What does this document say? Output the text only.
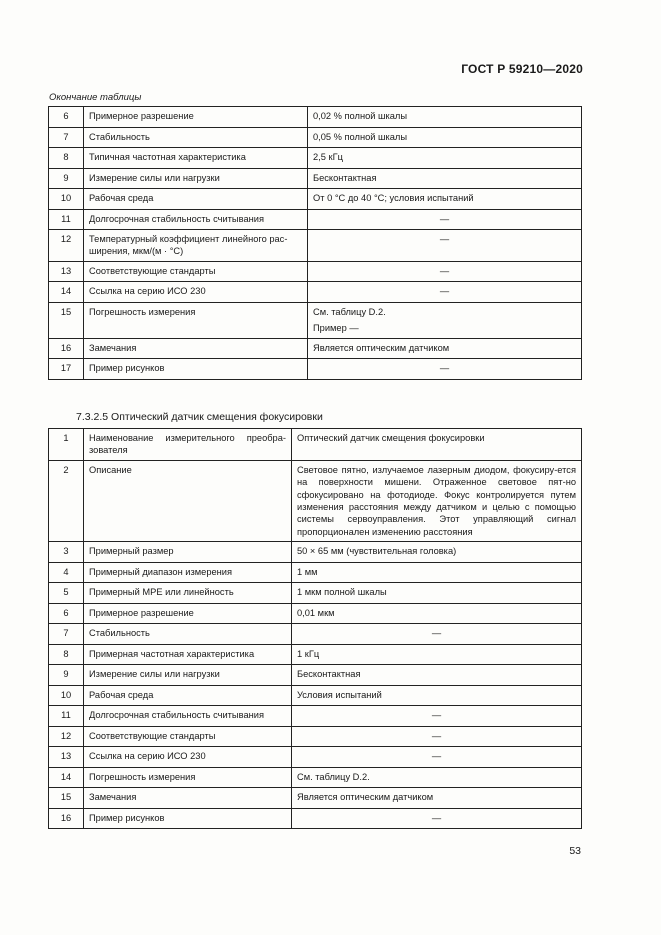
ГОСТ Р 59210—2020
Окончание таблицы
6	Примерное разрешение	0,02 % полной шкалы
7	Стабильность	0,05 % полной шкалы
8	Типичная частотная характеристика	2,5 кГц
9	Измерение силы или нагрузки	Бесконтактная
10	Рабочая среда	От 0 °С до 40 °С; условия испытаний
11	Долгосрочная стабильность считывания	—
12	Температурный коэффициент линейного рас-ширения, мкм/(м · °С)	—
13	Соответствующие стандарты	—
14	Ссылка на серию ИСО 230	—
15	Погрешность измерения	См. таблицу D.2.
Пример —

16	Замечания	Является оптическим датчиком
17	Пример рисунков	—
7.3.2.5 Оптический датчик смещения фокусировки
1	Наименование измерительного преобра-зователя	Оптический датчик смещения фокусировки
2	Описание	Световое пятно, излучаемое лазерным диодом, фокусиру-ется на поверхности мишени. Отраженное световое пят-но сфокусировано на фотодиоде. Фокус контролируется путем изменения расстояния между датчиком и целью с помощью системы сервоуправления. Этот управляющий сигнал пропорционален изменению расстояния
3	Примерный размер	50 × 65 мм (чувствительная головка)
4	Примерный диапазон измерения	1 мм
5	Примерный МРЕ или линейность	1 мкм полной шкалы
6	Примерное разрешение	0,01 мкм
7	Стабильность	—
8	Примерная частотная характеристика	1 кГц
9	Измерение силы или нагрузки	Бесконтактная
10	Рабочая среда	Условия испытаний
11	Долгосрочная стабильность считывания	—
12	Соответствующие стандарты	—
13	Ссылка на серию ИСО 230	—
14	Погрешность измерения	См. таблицу D.2.
15	Замечания	Является оптическим датчиком
16	Пример рисунков	—
53
